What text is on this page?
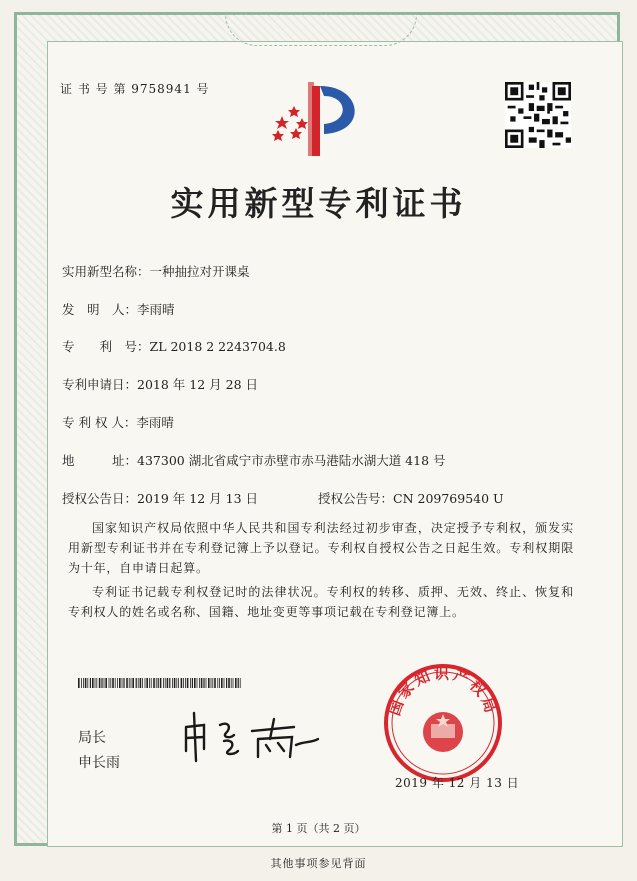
证 书 号 第 9758941 号
实用新型专利证书
实用新型名称：一种抽拉对开课桌
发　明　人：李雨晴
专　　利　号：ZL 2018 2 2243704.8
专利申请日：2018 年 12 月 28 日
专 利 权 人：李雨晴
地　　　址：437300 湖北省咸宁市赤壁市赤马港陆水湖大道 418 号
授权公告日：2019 年 12 月 13 日	授权公告号：CN 209769540 U
国家知识产权局依照中华人民共和国专利法经过初步审查，决定授予专利权，颁发实用新型专利证书并在专利登记簿上予以登记。专利权自授权公告之日起生效。专利权期限为十年，自申请日起算。
专利证书记载专利权登记时的法律状况。专利权的转移、质押、无效、终止、恢复和专利权人的姓名或名称、国籍、地址变更等事项记载在专利登记簿上。
局长
申长雨
国家知识产权局
2019 年 12 月 13 日
第 1 页（共 2 页）
其他事项参见背面
